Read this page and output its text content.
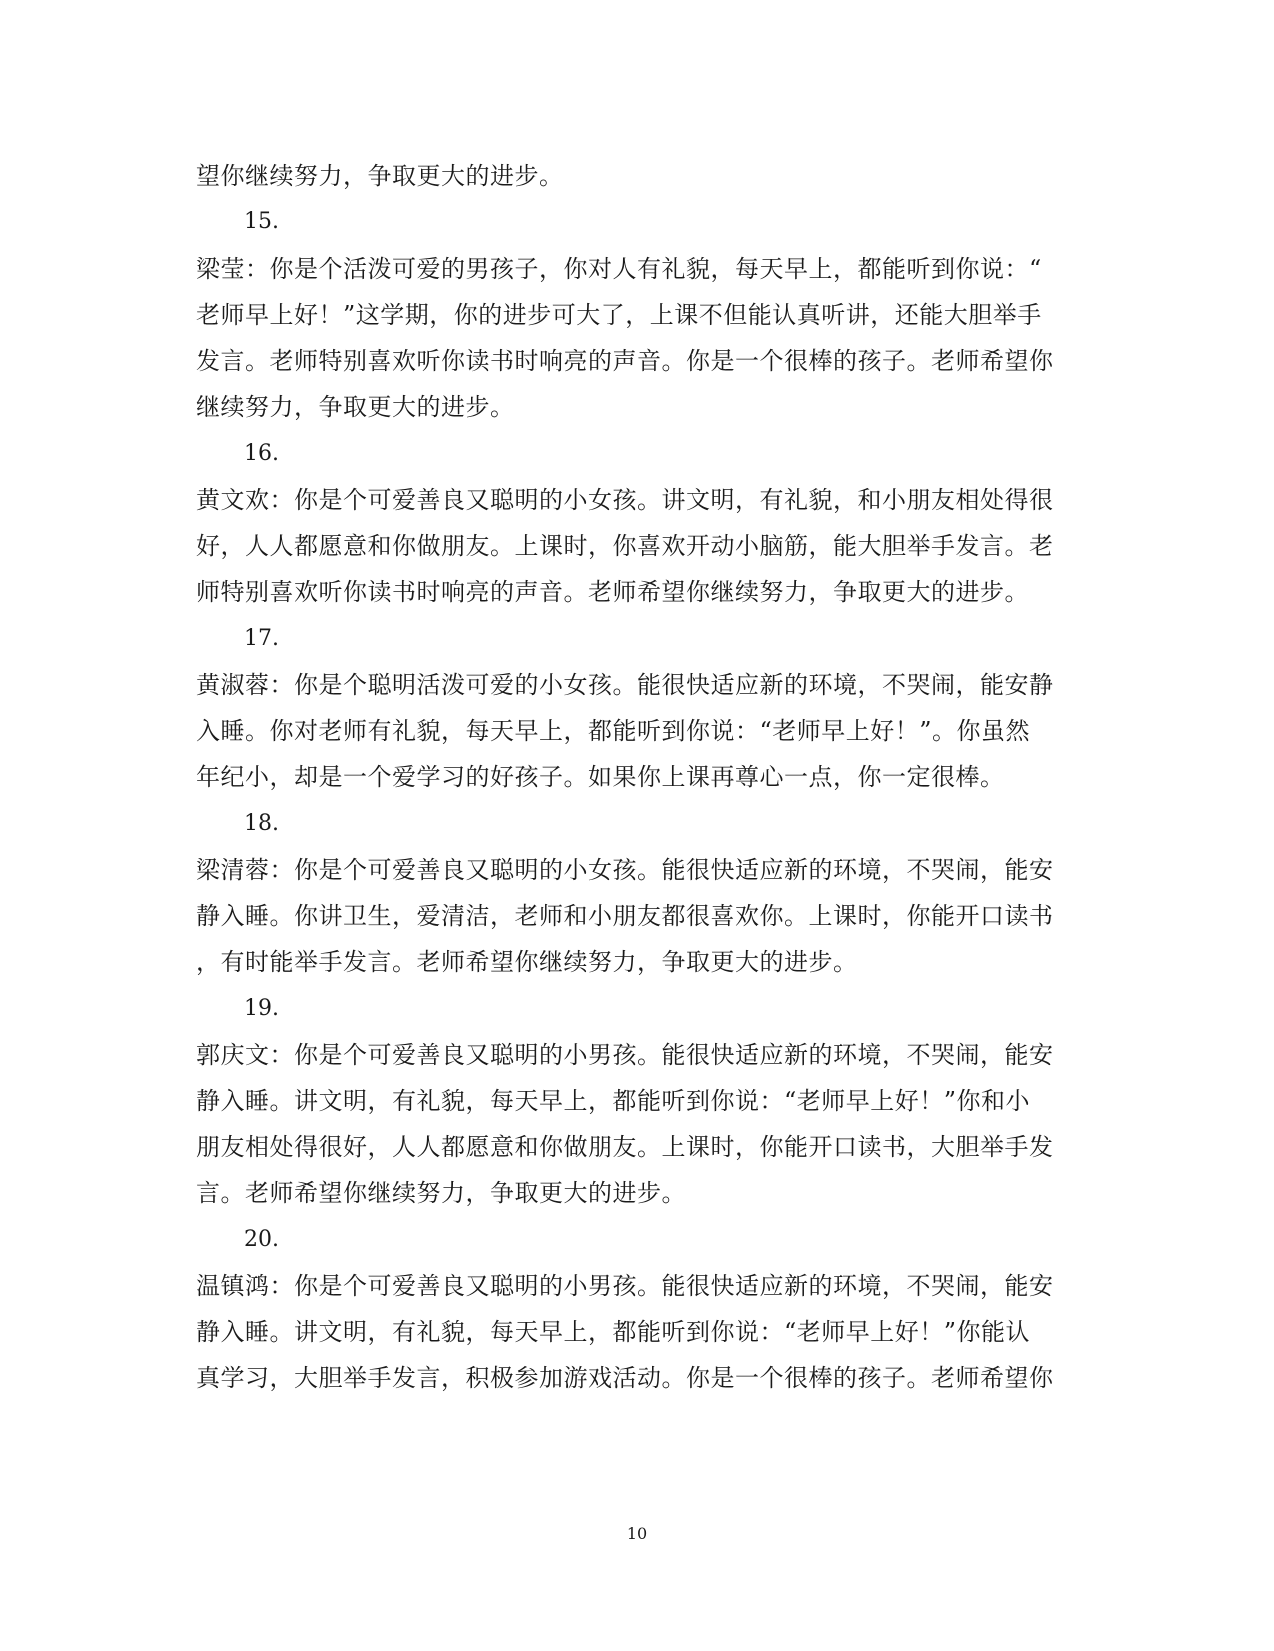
望你继续努力，争取更大的进步。
15.
梁莹：你是个活泼可爱的男孩子，你对人有礼貌，每天早上，都能听到你说：“
老师早上好！”这学期，你的进步可大了，上课不但能认真听讲，还能大胆举手
发言。老师特别喜欢听你读书时响亮的声音。你是一个很棒的孩子。老师希望你
继续努力，争取更大的进步。
16.
黄文欢：你是个可爱善良又聪明的小女孩。讲文明，有礼貌，和小朋友相处得很
好，人人都愿意和你做朋友。上课时，你喜欢开动小脑筋，能大胆举手发言。老
师特别喜欢听你读书时响亮的声音。老师希望你继续努力，争取更大的进步。
17.
黄淑蓉：你是个聪明活泼可爱的小女孩。能很快适应新的环境，不哭闹，能安静
入睡。你对老师有礼貌，每天早上，都能听到你说：“老师早上好！”。你虽然
年纪小，却是一个爱学习的好孩子。如果你上课再尊心一点，你一定很棒。
18.
梁清蓉：你是个可爱善良又聪明的小女孩。能很快适应新的环境，不哭闹，能安
静入睡。你讲卫生，爱清洁，老师和小朋友都很喜欢你。上课时，你能开口读书
，有时能举手发言。老师希望你继续努力，争取更大的进步。
19.
郭庆文：你是个可爱善良又聪明的小男孩。能很快适应新的环境，不哭闹，能安
静入睡。讲文明，有礼貌，每天早上，都能听到你说：“老师早上好！”你和小
朋友相处得很好，人人都愿意和你做朋友。上课时，你能开口读书，大胆举手发
言。老师希望你继续努力，争取更大的进步。
20.
温镇鸿：你是个可爱善良又聪明的小男孩。能很快适应新的环境，不哭闹，能安
静入睡。讲文明，有礼貌，每天早上，都能听到你说：“老师早上好！”你能认
真学习，大胆举手发言，积极参加游戏活动。你是一个很棒的孩子。老师希望你
10
